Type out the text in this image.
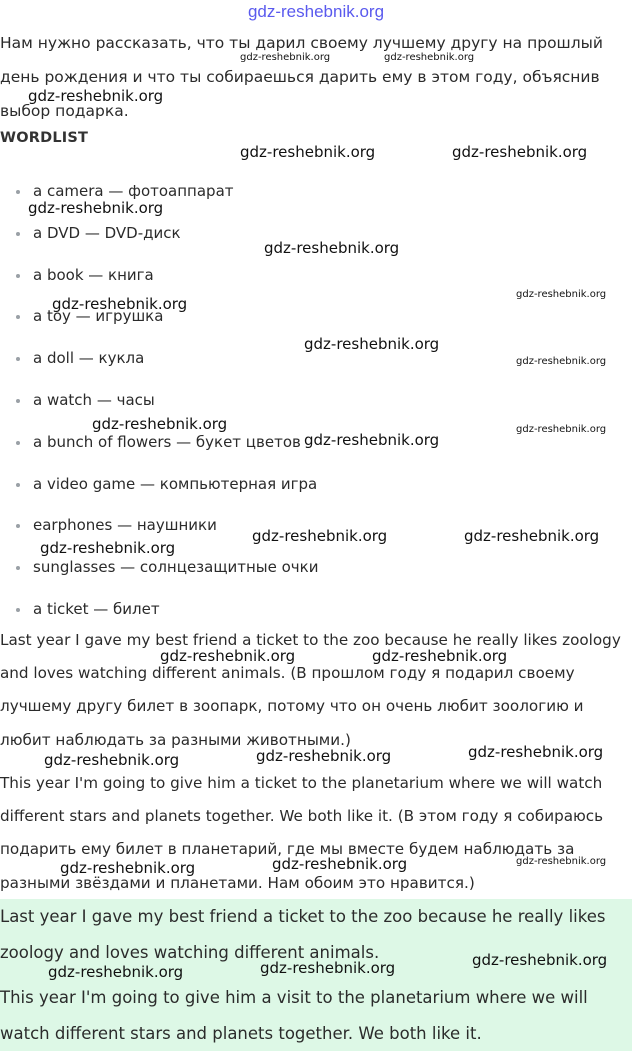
gdz-reshebnik.org

Нам нужно рассказать, что ты дарил своему лучшему другу на прошлый день рождения и что ты собираешься дарить ему в этом году, объяснив выбор подарка.

WORDLIST
a camera — фотоаппарат
a DVD — DVD-диск
a book — книга
a toy — игрушка
a doll — кукла
a watch — часы
a bunch of flowers — букет цветов
a video game — компьютерная игра
earphones — наушники
sunglasses — солнцезащитные очки
a ticket — билет

Last year I gave my best friend a ticket to the zoo because he really likes zoology and loves watching different animals. (В прошлом году я подарил своему лучшему другу билет в зоопарк, потому что он очень любит зоологию и любит наблюдать за разными животными.)

This year I'm going to give him a ticket to the planetarium where we will watch different stars and planets together. We both like it. (В этом году я собираюсь подарить ему билет в планетарий, где мы вместе будем наблюдать за разными звёздами и планетами. Нам обоим это нравится.)

Last year I gave my best friend a ticket to the zoo because he really likes zoology and loves watching different animals.

This year I'm going to give him a visit to the planetarium where we will watch different stars and planets together. We both like it.

gdz-reshebnik.org	gdz-reshebnik.org
gdz-reshebnik.org
gdz-reshebnik.org	gdz-reshebnik.org
gdz-reshebnik.org
gdz-reshebnik.org
gdz-reshebnik.org
gdz-reshebnik.org
gdz-reshebnik.org
gdz-reshebnik.org
gdz-reshebnik.org	gdz-reshebnik.org
gdz-reshebnik.org
gdz-reshebnik.org	gdz-reshebnik.org
gdz-reshebnik.org
gdz-reshebnik.org	gdz-reshebnik.org
gdz-reshebnik.org
gdz-reshebnik.org
gdz-reshebnik.org
gdz-reshebnik.org
gdz-reshebnik.org
gdz-reshebnik.org
gdz-reshebnik.org
gdz-reshebnik.org
gdz-reshebnik.org
